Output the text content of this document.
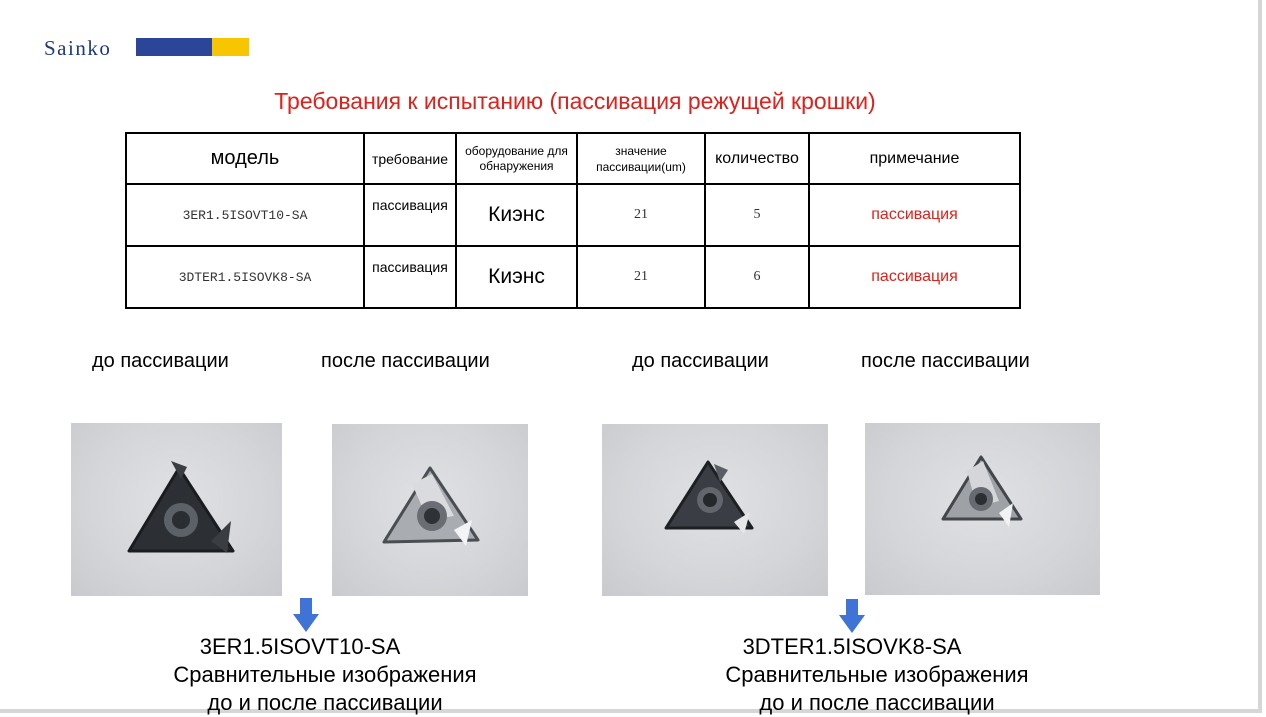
Sainko
Требования к испытанию (пассивация режущей крошки)
модель	требование	оборудование для обнаружения	значение пассивации(um)	количество	примечание
3ER1.5ISOVT10-SA	пассивация	Киэнс	21	5	пассивация
3DTER1.5ISOVK8-SA	пассивация	Киэнс	21	6	пассивация
до пассивации	после пассивации	до пассивации	после пассивации
3ER1.5ISOVT10-SA
Сравнительные изображения
до и после пассивации
3DTER1.5ISOVK8-SA
Сравнительные изображения
до и после пассивации
